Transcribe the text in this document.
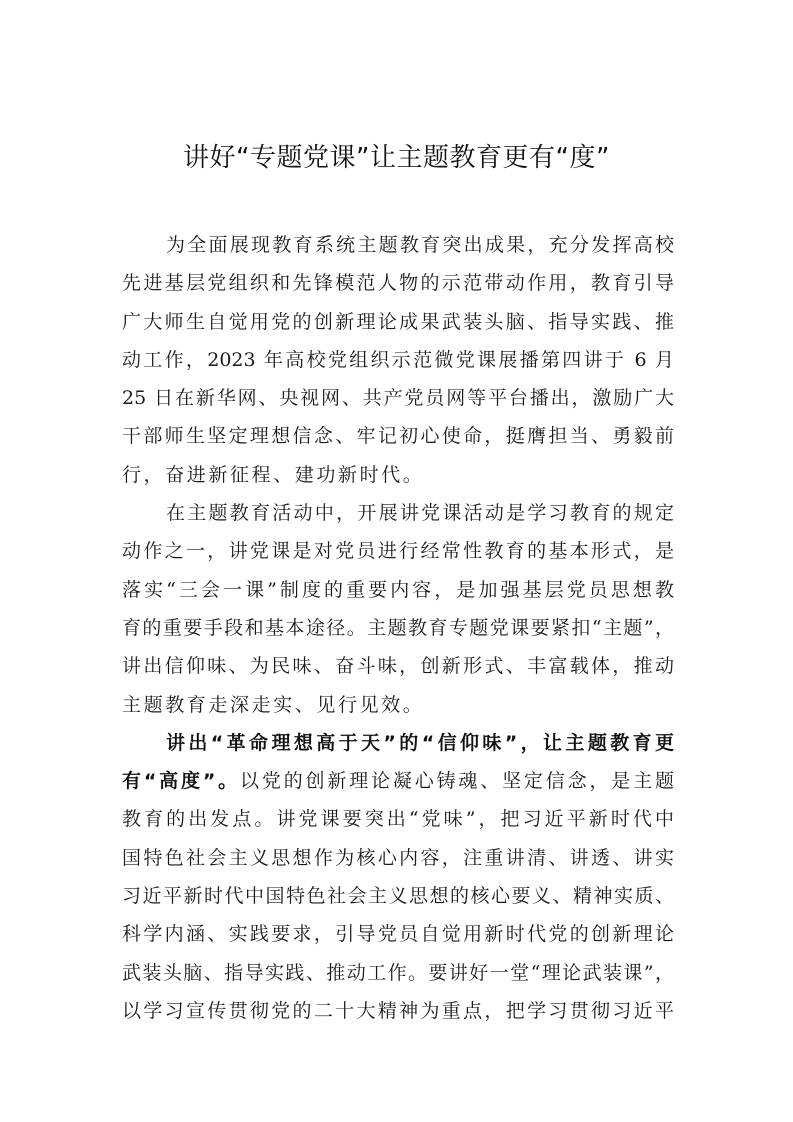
讲好“专题党课”让主题教育更有“度”
为全面展现教育系统主题教育突出成果，充分发挥高校
先进基层党组织和先锋模范人物的示范带动作用，教育引导
广大师生自觉用党的创新理论成果武装头脑、指导实践、推
动工作，2023 年高校党组织示范微党课展播第四讲于 6 月
25 日在新华网、央视网、共产党员网等平台播出，激励广大
干部师生坚定理想信念、牢记初心使命，挺膺担当、勇毅前
行，奋进新征程、建功新时代。
在主题教育活动中，开展讲党课活动是学习教育的规定
动作之一，讲党课是对党员进行经常性教育的基本形式，是
落实“三会一课”制度的重要内容，是加强基层党员思想教
育的重要手段和基本途径。主题教育专题党课要紧扣“主题”，
讲出信仰味、为民味、奋斗味，创新形式、丰富载体，推动
主题教育走深走实、见行见效。
讲出“革命理想高于天”的“信仰味”，让主题教育更
有“高度”。以党的创新理论凝心铸魂、坚定信念，是主题
教育的出发点。讲党课要突出“党味”，把习近平新时代中
国特色社会主义思想作为核心内容，注重讲清、讲透、讲实
习近平新时代中国特色社会主义思想的核心要义、精神实质、
科学内涵、实践要求，引导党员自觉用新时代党的创新理论
武装头脑、指导实践、推动工作。要讲好一堂“理论武装课”，
以学习宣传贯彻党的二十大精神为重点，把学习贯彻习近平
